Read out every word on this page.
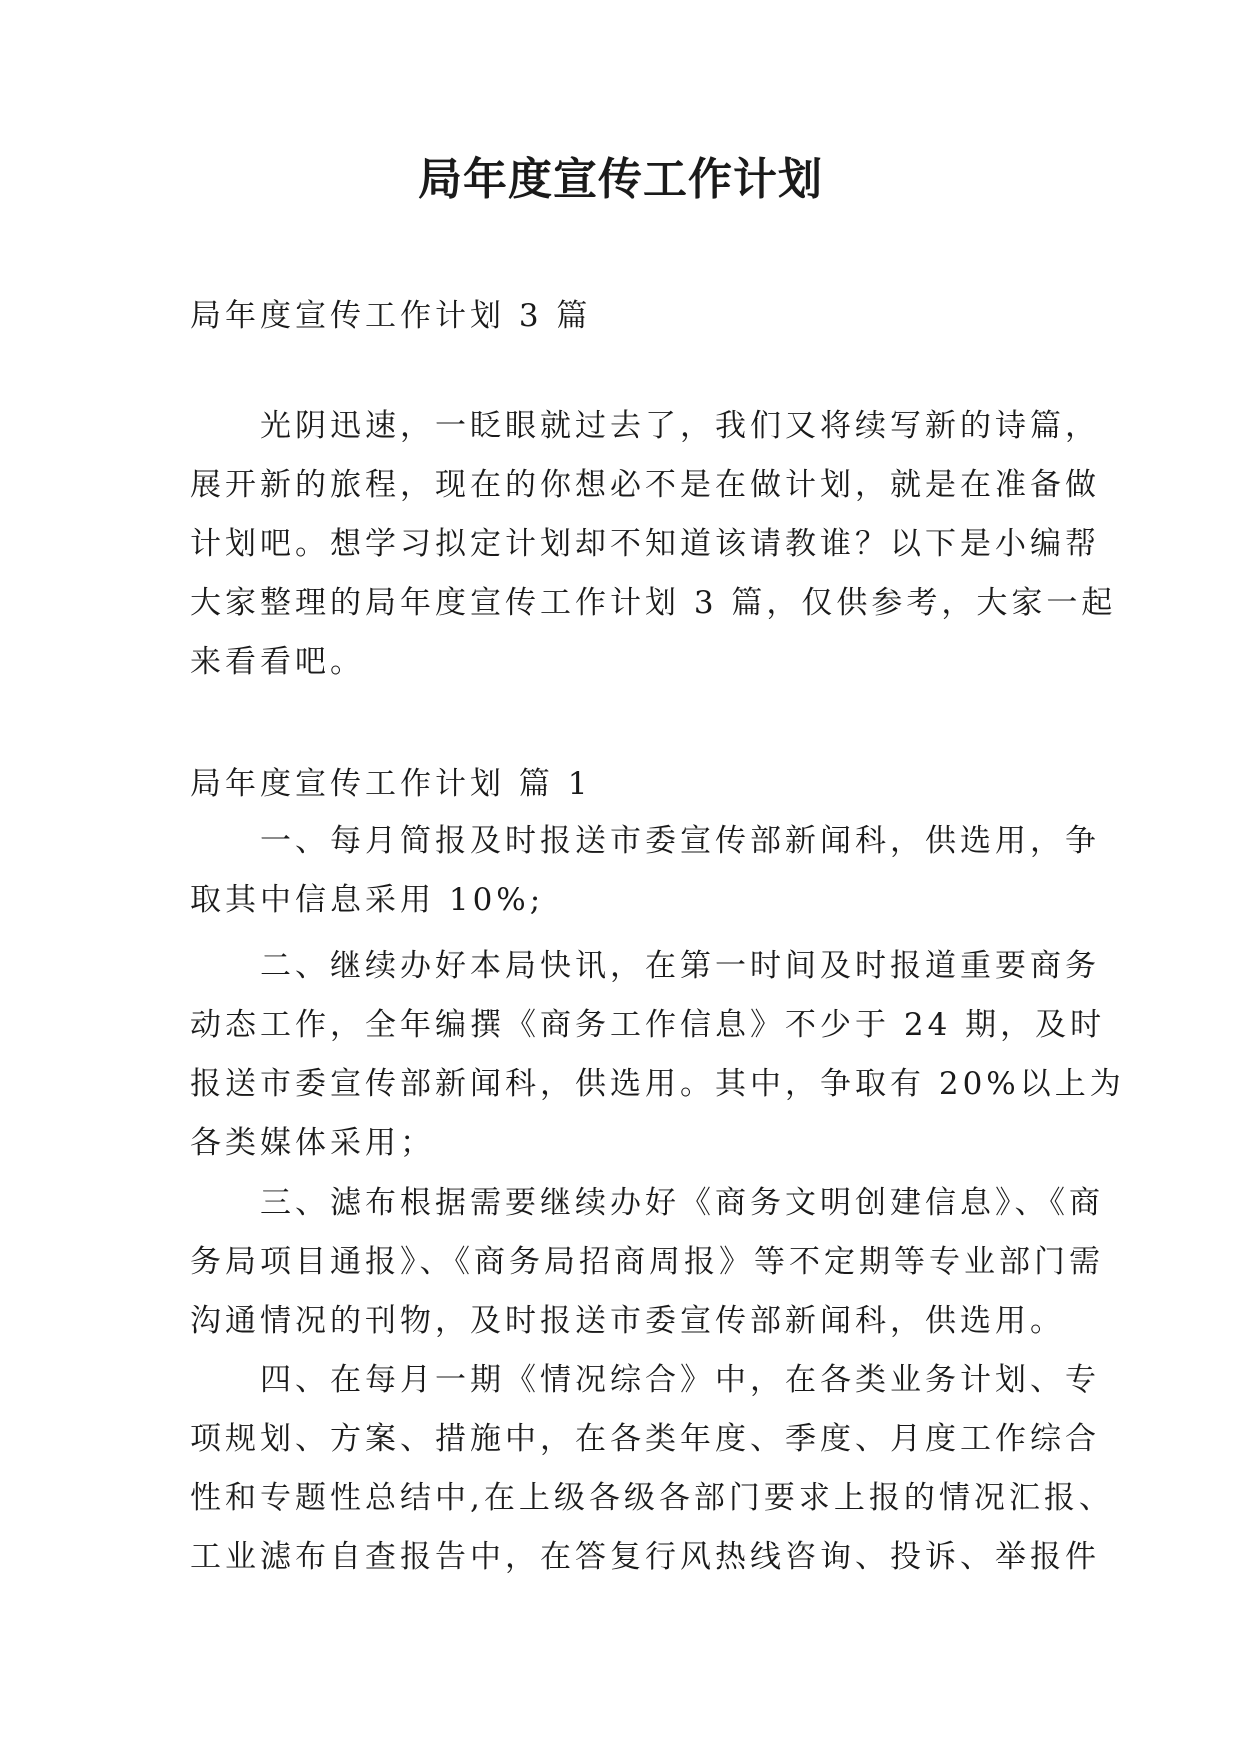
局年度宣传工作计划
局年度宣传工作计划 3 篇
　　光阴迅速，一眨眼就过去了，我们又将续写新的诗篇，
展开新的旅程，现在的你想必不是在做计划，就是在准备做
计划吧。想学习拟定计划却不知道该请教谁？以下是小编帮
大家整理的局年度宣传工作计划 3 篇，仅供参考，大家一起
来看看吧。
局年度宣传工作计划 篇 1
　　一、每月简报及时报送市委宣传部新闻科，供选用，争
取其中信息采用 10%;
　　二、继续办好本局快讯，在第一时间及时报道重要商务
动态工作，全年编撰《商务工作信息》不少于 24 期，及时
报送市委宣传部新闻科，供选用。其中，争取有 20%以上为
各类媒体采用；
　　三、滤布根据需要继续办好《商务文明创建信息》、《商
务局项目通报》、《商务局招商周报》等不定期等专业部门需
沟通情况的刊物，及时报送市委宣传部新闻科，供选用。
　　四、在每月一期《情况综合》中，在各类业务计划、专
项规划、方案、措施中，在各类年度、季度、月度工作综合
性和专题性总结中,在上级各级各部门要求上报的情况汇报、
工业滤布自查报告中，在答复行风热线咨询、投诉、举报件
